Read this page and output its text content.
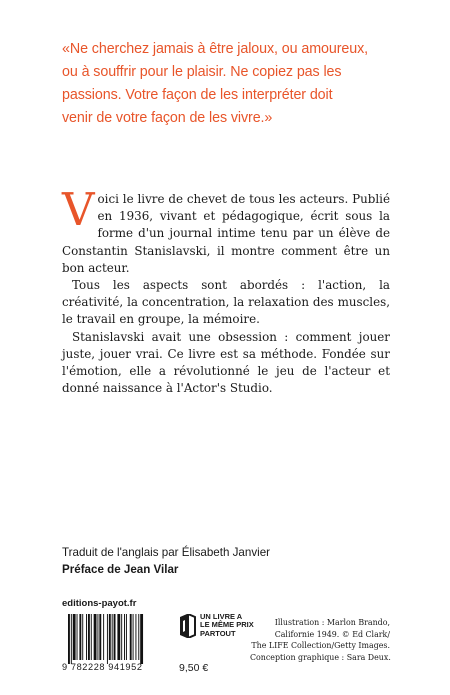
«Ne cherchez jamais à être jaloux, ou amoureux,
ou à souffrir pour le plaisir. Ne copiez pas les
passions. Votre façon de les interpréter doit
venir de votre façon de les vivre.»

Voici le livre de chevet de tous les acteurs. Publié en 1936, vivant et pédagogique, écrit sous la forme d'un journal intime tenu par un élève de Constantin Stanislavski, il montre comment être un bon acteur.

Tous les aspects sont abordés : l'action, la créativité, la concentration, la relaxation des muscles, le travail en groupe, la mémoire.

Stanislavski avait une obsession : comment jouer juste, jouer vrai. Ce livre est sa méthode. Fondée sur l'émotion, elle a révolutionné le jeu de l'acteur et donné naissance à l'Actor's Studio.

Traduit de l'anglais par Élisabeth Janvier
Préface de Jean Vilar
editions-payot.fr
9 782228 941952
UN LIVRE A
LE MÊME PRIX
PARTOUT
9,50 €
Illustration : Marlon Brando,
Californie 1949. © Ed Clark/
The LIFE Collection/Getty Images.
Conception graphique : Sara Deux.
